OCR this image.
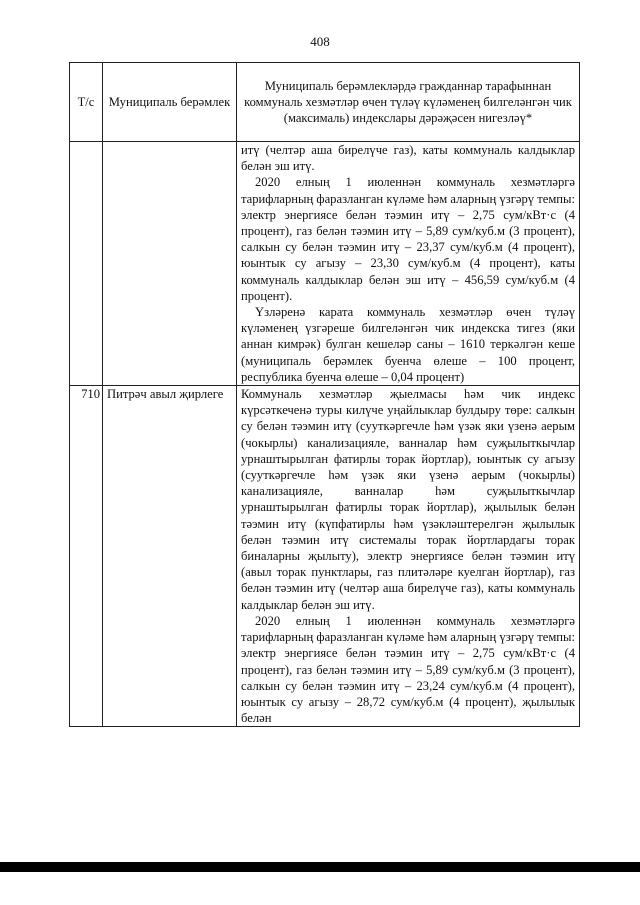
408
Т/с	Муниципаль берәмлек	Муниципаль берәмлекләрдә гражданнар тарафыннан коммуналь хезмәтләр өчен түләү күләменең билгеләнгән чик (максималь) индекслары дәрәҗәсен нигезләү*

		итү (челтәр аша бирелүче газ), каты коммуналь калдыклар белән эш итү.

2020 елның 1 июленнән коммуналь хезмәтләргә тарифларның фаразланган күләме һәм аларның үзгәрү темпы: электр энергиясе белән тәэмин итү – 2,75 сум/кВт·с (4 процент), газ белән тәэмин итү – 5,89 сум/куб.м (3 процент), салкын су белән тәэмин итү – 23,37 сум/куб.м (4 процент), юынтык су агызу – 23,30 сум/куб.м (4 процент), каты коммуналь калдыклар белән эш итү – 456,59 сум/куб.м (4 процент).

Үзләренә карата коммуналь хезмәтләр өчен түләү күләменең үзгәреше билгеләнгән чик индекска тигез (яки аннан кимрәк) булган кешеләр саны – 1610 теркәлгән кеше (муниципаль берәмлек буенча өлеше – 100 процент, республика буенча өлеше – 0,04 процент)

710	Питрәч авыл җирлеге	Коммуналь хезмәтләр җыелмасы һәм чик индекс күрсәткеченә туры килүче уңайлыклар булдыру төре: салкын су белән тәэмин итү (сууткәргечле һәм үзәк яки үзенә аерым (чокырлы) канализацияле, ванналар һәм суҗылыткычлар урнаштырылган фатирлы торак йортлар), юынтык су агызу (сууткәргечле һәм үзәк яки үзенә аерым (чокырлы) канализацияле, ванналар һәм суҗылыткычлар урнаштырылган фатирлы торак йортлар), җылылык белән тәэмин итү (күпфатирлы һәм үзәкләштерелгән җылылык белән тәэмин итү системалы торак йортлардагы торак биналарны җылыту), электр энергиясе белән тәэмин итү (авыл торак пунктлары, газ плитәләре куелган йортлар), газ белән тәэмин итү (челтәр аша бирелүче газ), каты коммуналь калдыклар белән эш итү.

2020 елның 1 июленнән коммуналь хезмәтләргә тарифларның фаразланган күләме һәм аларның үзгәрү темпы: электр энергиясе белән тәэмин итү – 2,75 сум/кВт·с (4 процент), газ белән тәэмин итү – 5,89 сум/куб.м (3 процент), салкын су белән тәэмин итү – 23,24 сум/куб.м (4 процент), юынтык су агызу – 28,72 сум/куб.м (4 процент), җылылык белән
